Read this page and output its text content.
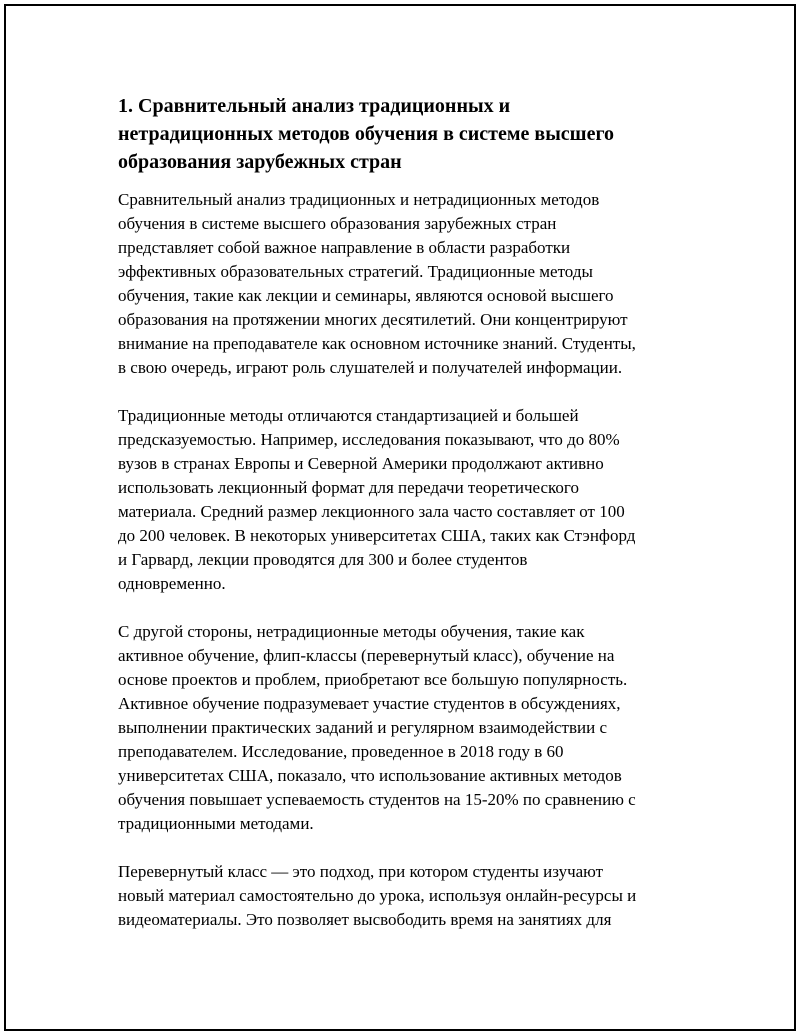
1. Сравнительный анализ традиционных и
нетрадиционных методов обучения в системе высшего
образования зарубежных стран

Сравнительный анализ традиционных и нетрадиционных методов
обучения в системе высшего образования зарубежных стран
представляет собой важное направление в области разработки
эффективных образовательных стратегий. Традиционные методы
обучения, такие как лекции и семинары, являются основой высшего
образования на протяжении многих десятилетий. Они концентрируют
внимание на преподавателе как основном источнике знаний. Студенты,
в свою очередь, играют роль слушателей и получателей информации.

Традиционные методы отличаются стандартизацией и большей
предсказуемостью. Например, исследования показывают, что до 80%
вузов в странах Европы и Северной Америки продолжают активно
использовать лекционный формат для передачи теоретического
материала. Средний размер лекционного зала часто составляет от 100
до 200 человек. В некоторых университетах США, таких как Стэнфорд
и Гарвард, лекции проводятся для 300 и более студентов
одновременно.

С другой стороны, нетрадиционные методы обучения, такие как
активное обучение, флип-классы (перевернутый класс), обучение на
основе проектов и проблем, приобретают все большую популярность.
Активное обучение подразумевает участие студентов в обсуждениях,
выполнении практических заданий и регулярном взаимодействии с
преподавателем. Исследование, проведенное в 2018 году в 60
университетах США, показало, что использование активных методов
обучения повышает успеваемость студентов на 15-20% по сравнению с
традиционными методами.

Перевернутый класс — это подход, при котором студенты изучают
новый материал самостоятельно до урока, используя онлайн-ресурсы и
видеоматериалы. Это позволяет высвободить время на занятиях для
